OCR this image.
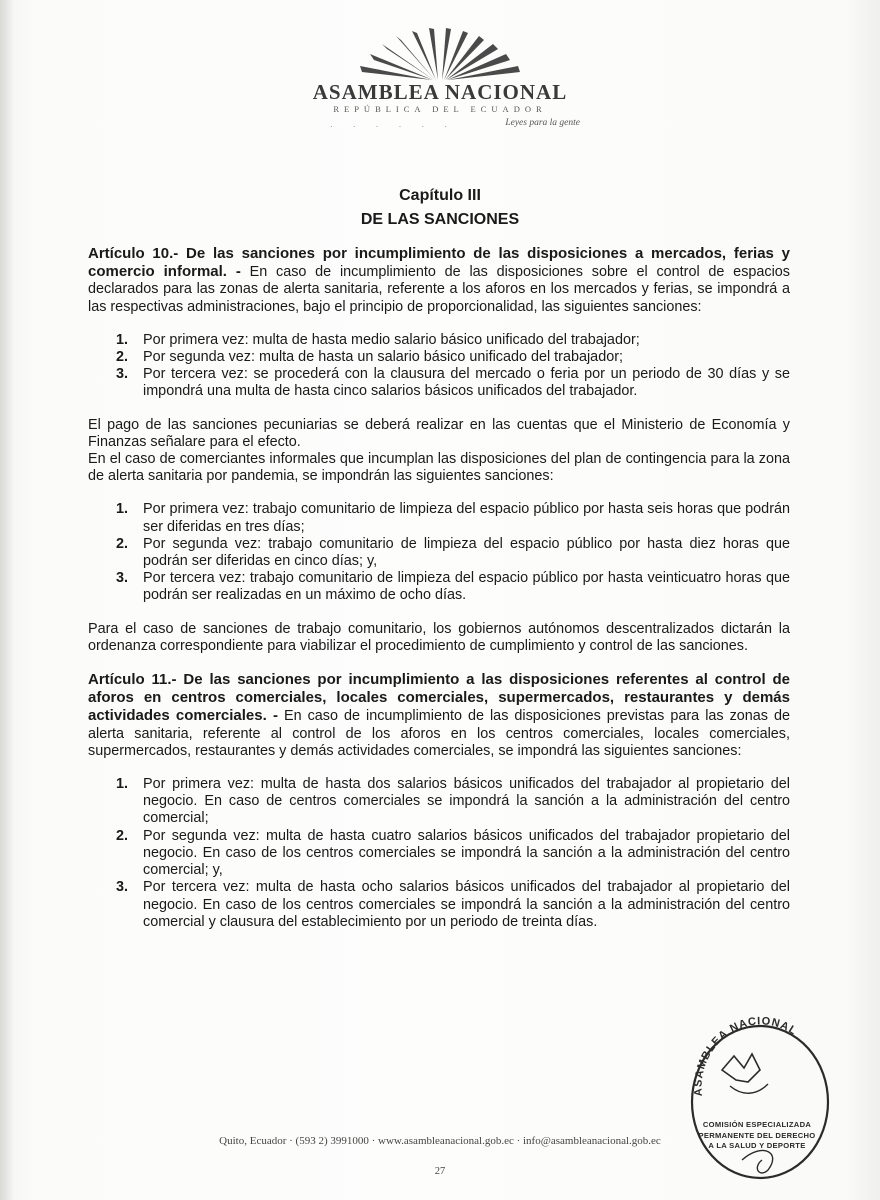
ASAMBLEA NACIONAL
REPÚBLICA DEL ECUADOR
· · · · · ·	Leyes para la gente
Capítulo III
DE LAS SANCIONES

Artículo 10.- De las sanciones por incumplimiento de las disposiciones a mercados, ferias y comercio informal. - En caso de incumplimiento de las disposiciones sobre el control de espacios declarados para las zonas de alerta sanitaria, referente a los aforos en los mercados y ferias, se impondrá a las respectivas administraciones, bajo el principio de proporcionalidad, las siguientes sanciones:

1. Por primera vez: multa de hasta medio salario básico unificado del trabajador;
2. Por segunda vez: multa de hasta un salario básico unificado del trabajador;
3. Por tercera vez: se procederá con la clausura del mercado o feria por un periodo de 30 días y se impondrá una multa de hasta cinco salarios básicos unificados del trabajador.

El pago de las sanciones pecuniarias se deberá realizar en las cuentas que el Ministerio de Economía y Finanzas señalare para el efecto.

En el caso de comerciantes informales que incumplan las disposiciones del plan de contingencia para la zona de alerta sanitaria por pandemia, se impondrán las siguientes sanciones:

1. Por primera vez: trabajo comunitario de limpieza del espacio público por hasta seis horas que podrán ser diferidas en tres días;
2. Por segunda vez: trabajo comunitario de limpieza del espacio público por hasta diez horas que podrán ser diferidas en cinco días; y,
3. Por tercera vez: trabajo comunitario de limpieza del espacio público por hasta veinticuatro horas que podrán ser realizadas en un máximo de ocho días.

Para el caso de sanciones de trabajo comunitario, los gobiernos autónomos descentralizados dictarán la ordenanza correspondiente para viabilizar el procedimiento de cumplimiento y control de las sanciones.

Artículo 11.- De las sanciones por incumplimiento a las disposiciones referentes al control de aforos en centros comerciales, locales comerciales, supermercados, restaurantes y demás actividades comerciales. - En caso de incumplimiento de las disposiciones previstas para las zonas de alerta sanitaria, referente al control de los aforos en los centros comerciales, locales comerciales, supermercados, restaurantes y demás actividades comerciales, se impondrá las siguientes sanciones:

1. Por primera vez: multa de hasta dos salarios básicos unificados del trabajador al propietario del negocio. En caso de centros comerciales se impondrá la sanción a la administración del centro comercial;
2. Por segunda vez: multa de hasta cuatro salarios básicos unificados del trabajador propietario del negocio. En caso de los centros comerciales se impondrá la sanción a la administración del centro comercial; y,
3. Por tercera vez: multa de hasta ocho salarios básicos unificados del trabajador al propietario del negocio. En caso de los centros comerciales se impondrá la sanción a la administración del centro comercial y clausura del establecimiento por un periodo de treinta días.
ASAMBLEA NACIONAL
COMISIÓN ESPECIALIZADA
PERMANENTE DEL DERECHO
A LA SALUD Y DEPORTE
Quito, Ecuador · (593 2) 3991000 · www.asambleanacional.gob.ec · info@asambleanacional.gob.ec
27
